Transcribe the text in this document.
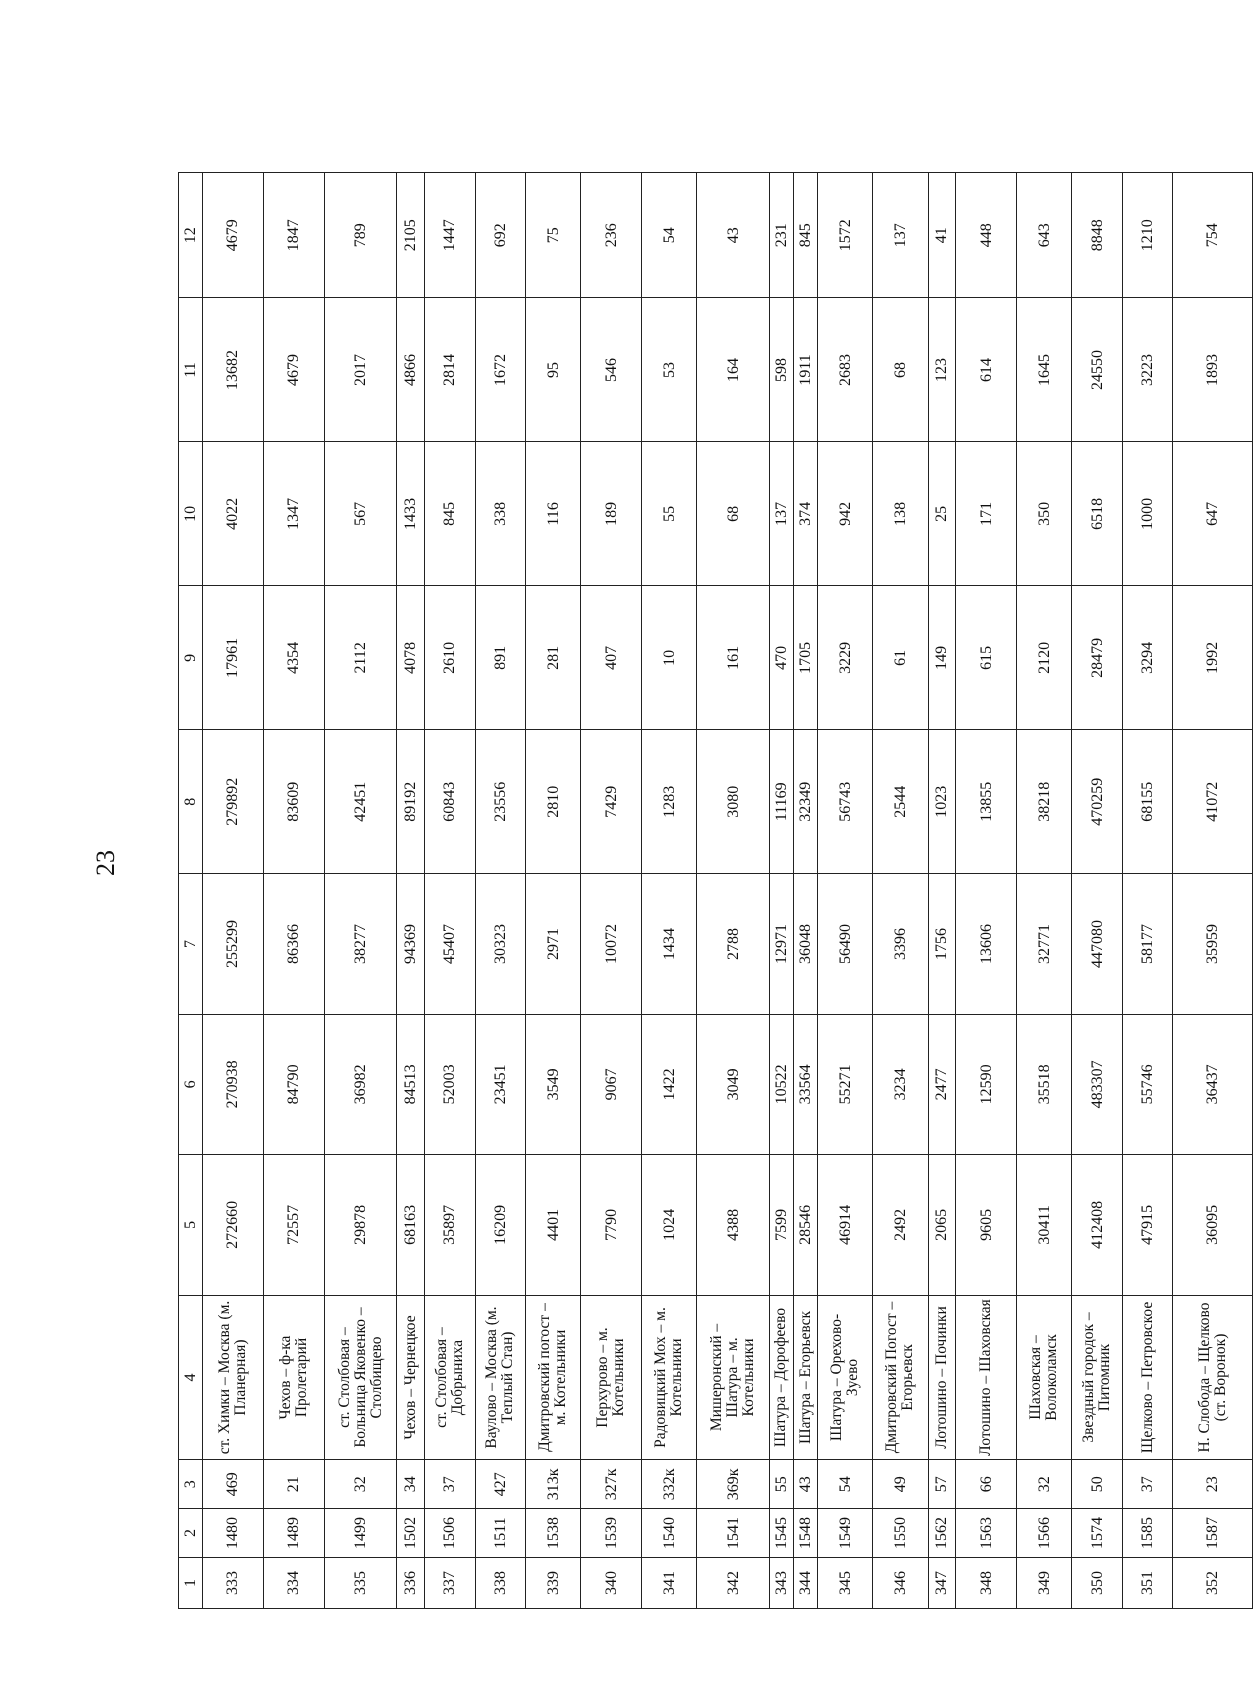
23
1	2	3	4	5	6	7	8	9	10	11	12
333	1480	469	ст. Химки – Москва (м. Планерная)	272660	270938	255299	279892	17961	4022	13682	4679
334	1489	21	Чехов – ф-ка Пролетарий	72557	84790	86366	83609	4354	1347	4679	1847
335	1499	32	ст. Столбовая – Больница Яковенко – Столбищево	29878	36982	38277	42451	2112	567	2017	789
336	1502	34	Чехов – Чернецкое	68163	84513	94369	89192	4078	1433	4866	2105
337	1506	37	ст. Столбовая – Добрыниха	35897	52003	45407	60843	2610	845	2814	1447
338	1511	427	Ваулово – Москва (м. Теплый Стан)	16209	23451	30323	23556	891	338	1672	692
339	1538	313к	Дмитровский погост – м. Котельники	4401	3549	2971	2810	281	116	95	75
340	1539	327к	Перхурово – м. Котельники	7790	9067	10072	7429	407	189	546	236
341	1540	332к	Радовицкий Мох – м. Котельники	1024	1422	1434	1283	10	55	53	54
342	1541	369к	Мишеронский – Шатура – м. Котельники	4388	3049	2788	3080	161	68	164	43
343	1545	55	Шатура – Дорофеево	7599	10522	12971	11169	470	137	598	231
344	1548	43	Шатура – Егорьевск	28546	33564	36048	32349	1705	374	1911	845
345	1549	54	Шатура – Орехово-Зуево	46914	55271	56490	56743	3229	942	2683	1572
346	1550	49	Дмитровский Погост – Егорьевск	2492	3234	3396	2544	61	138	68	137
347	1562	57	Лотошино – Починки	2065	2477	1756	1023	149	25	123	41
348	1563	66	Лотошино – Шаховская	9605	12590	13606	13855	615	171	614	448
349	1566	32	Шаховская – Волоколамск	30411	35518	32771	38218	2120	350	1645	643
350	1574	50	Звездный городок – Питомник	412408	483307	447080	470259	28479	6518	24550	8848
351	1585	37	Щелково – Петровское	47915	55746	58177	68155	3294	1000	3223	1210
352	1587	23	Н. Слобода – Щелково (ст. Воронок)	36095	36437	35959	41072	1992	647	1893	754
